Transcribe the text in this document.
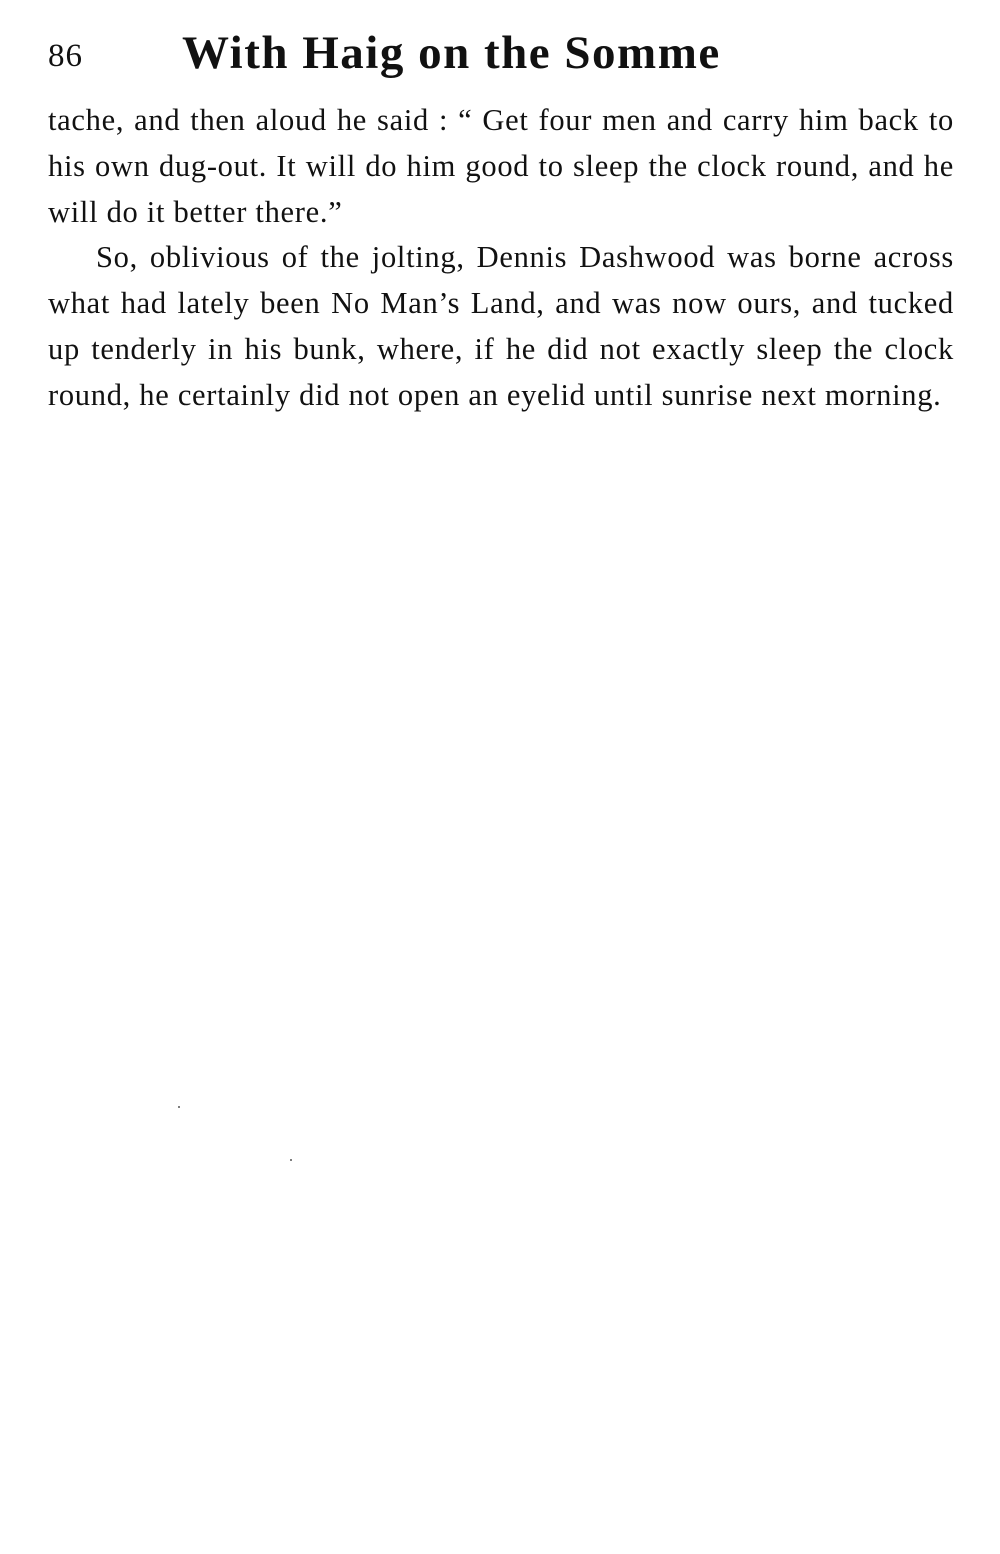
86 With Haig on the Somme

tache, and then aloud he said : “ Get four men and carry him back to his own dug-out. It will do him good to sleep the clock round, and he will do it better there.”

So, oblivious of the jolting, Dennis Dashwood was borne across what had lately been No Man’s Land, and was now ours, and tucked up tenderly in his bunk, where, if he did not exactly sleep the clock round, he certainly did not open an eyelid until sunrise next morning.
